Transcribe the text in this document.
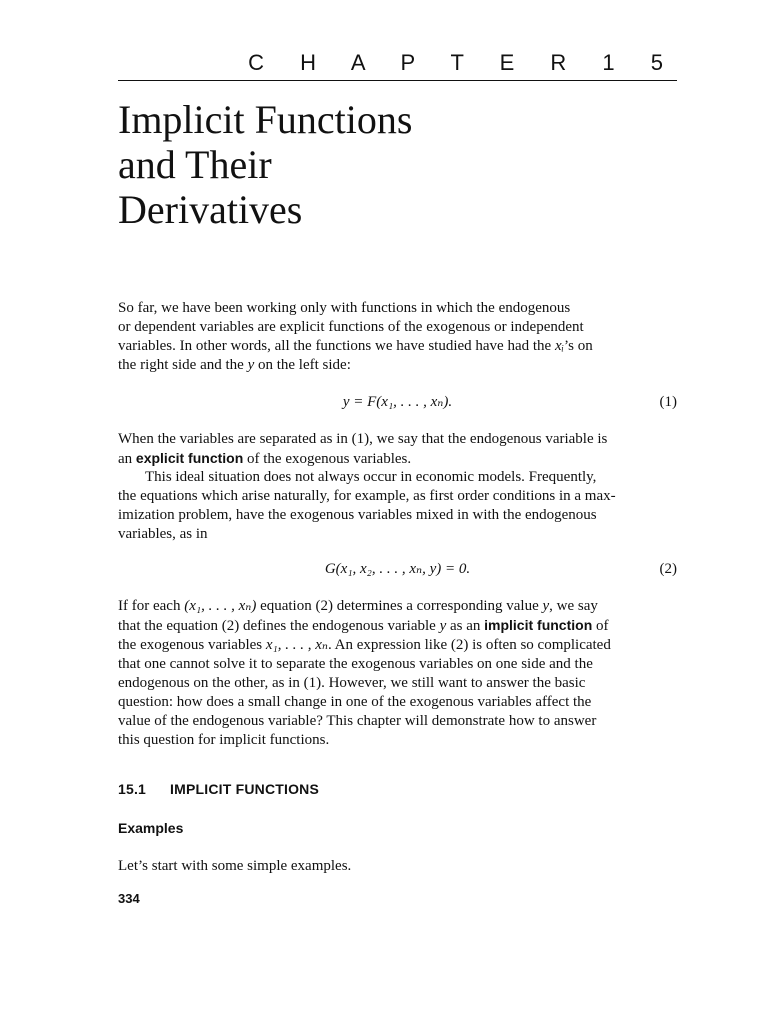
C H A P T E R 1 5
Implicit Functions
and Their
Derivatives

So far, we have been working only with functions in which the endogenous
or dependent variables are explicit functions of the exogenous or independent
variables. In other words, all the functions we have studied have had the xᵢ’s on
the right side and the y on the left side:

y = F(x₁, . . . , xₙ).	(1)

When the variables are separated as in (1), we say that the endogenous variable is
an explicit function of the exogenous variables.

This ideal situation does not always occur in economic models. Frequently,
the equations which arise naturally, for example, as first order conditions in a max-
imization problem, have the exogenous variables mixed in with the endogenous
variables, as in

G(x₁, x₂, . . . , xₙ, y) = 0.	(2)

If for each (x₁, . . . , xₙ) equation (2) determines a corresponding value y, we say
that the equation (2) defines the endogenous variable y as an implicit function of
the exogenous variables x₁, . . . , xₙ. An expression like (2) is often so complicated
that one cannot solve it to separate the exogenous variables on one side and the
endogenous on the other, as in (1). However, we still want to answer the basic
question: how does a small change in one of the exogenous variables affect the
value of the endogenous variable? This chapter will demonstrate how to answer
this question for implicit functions.

15.1 IMPLICIT FUNCTIONS
Examples

Let’s start with some simple examples.

334
